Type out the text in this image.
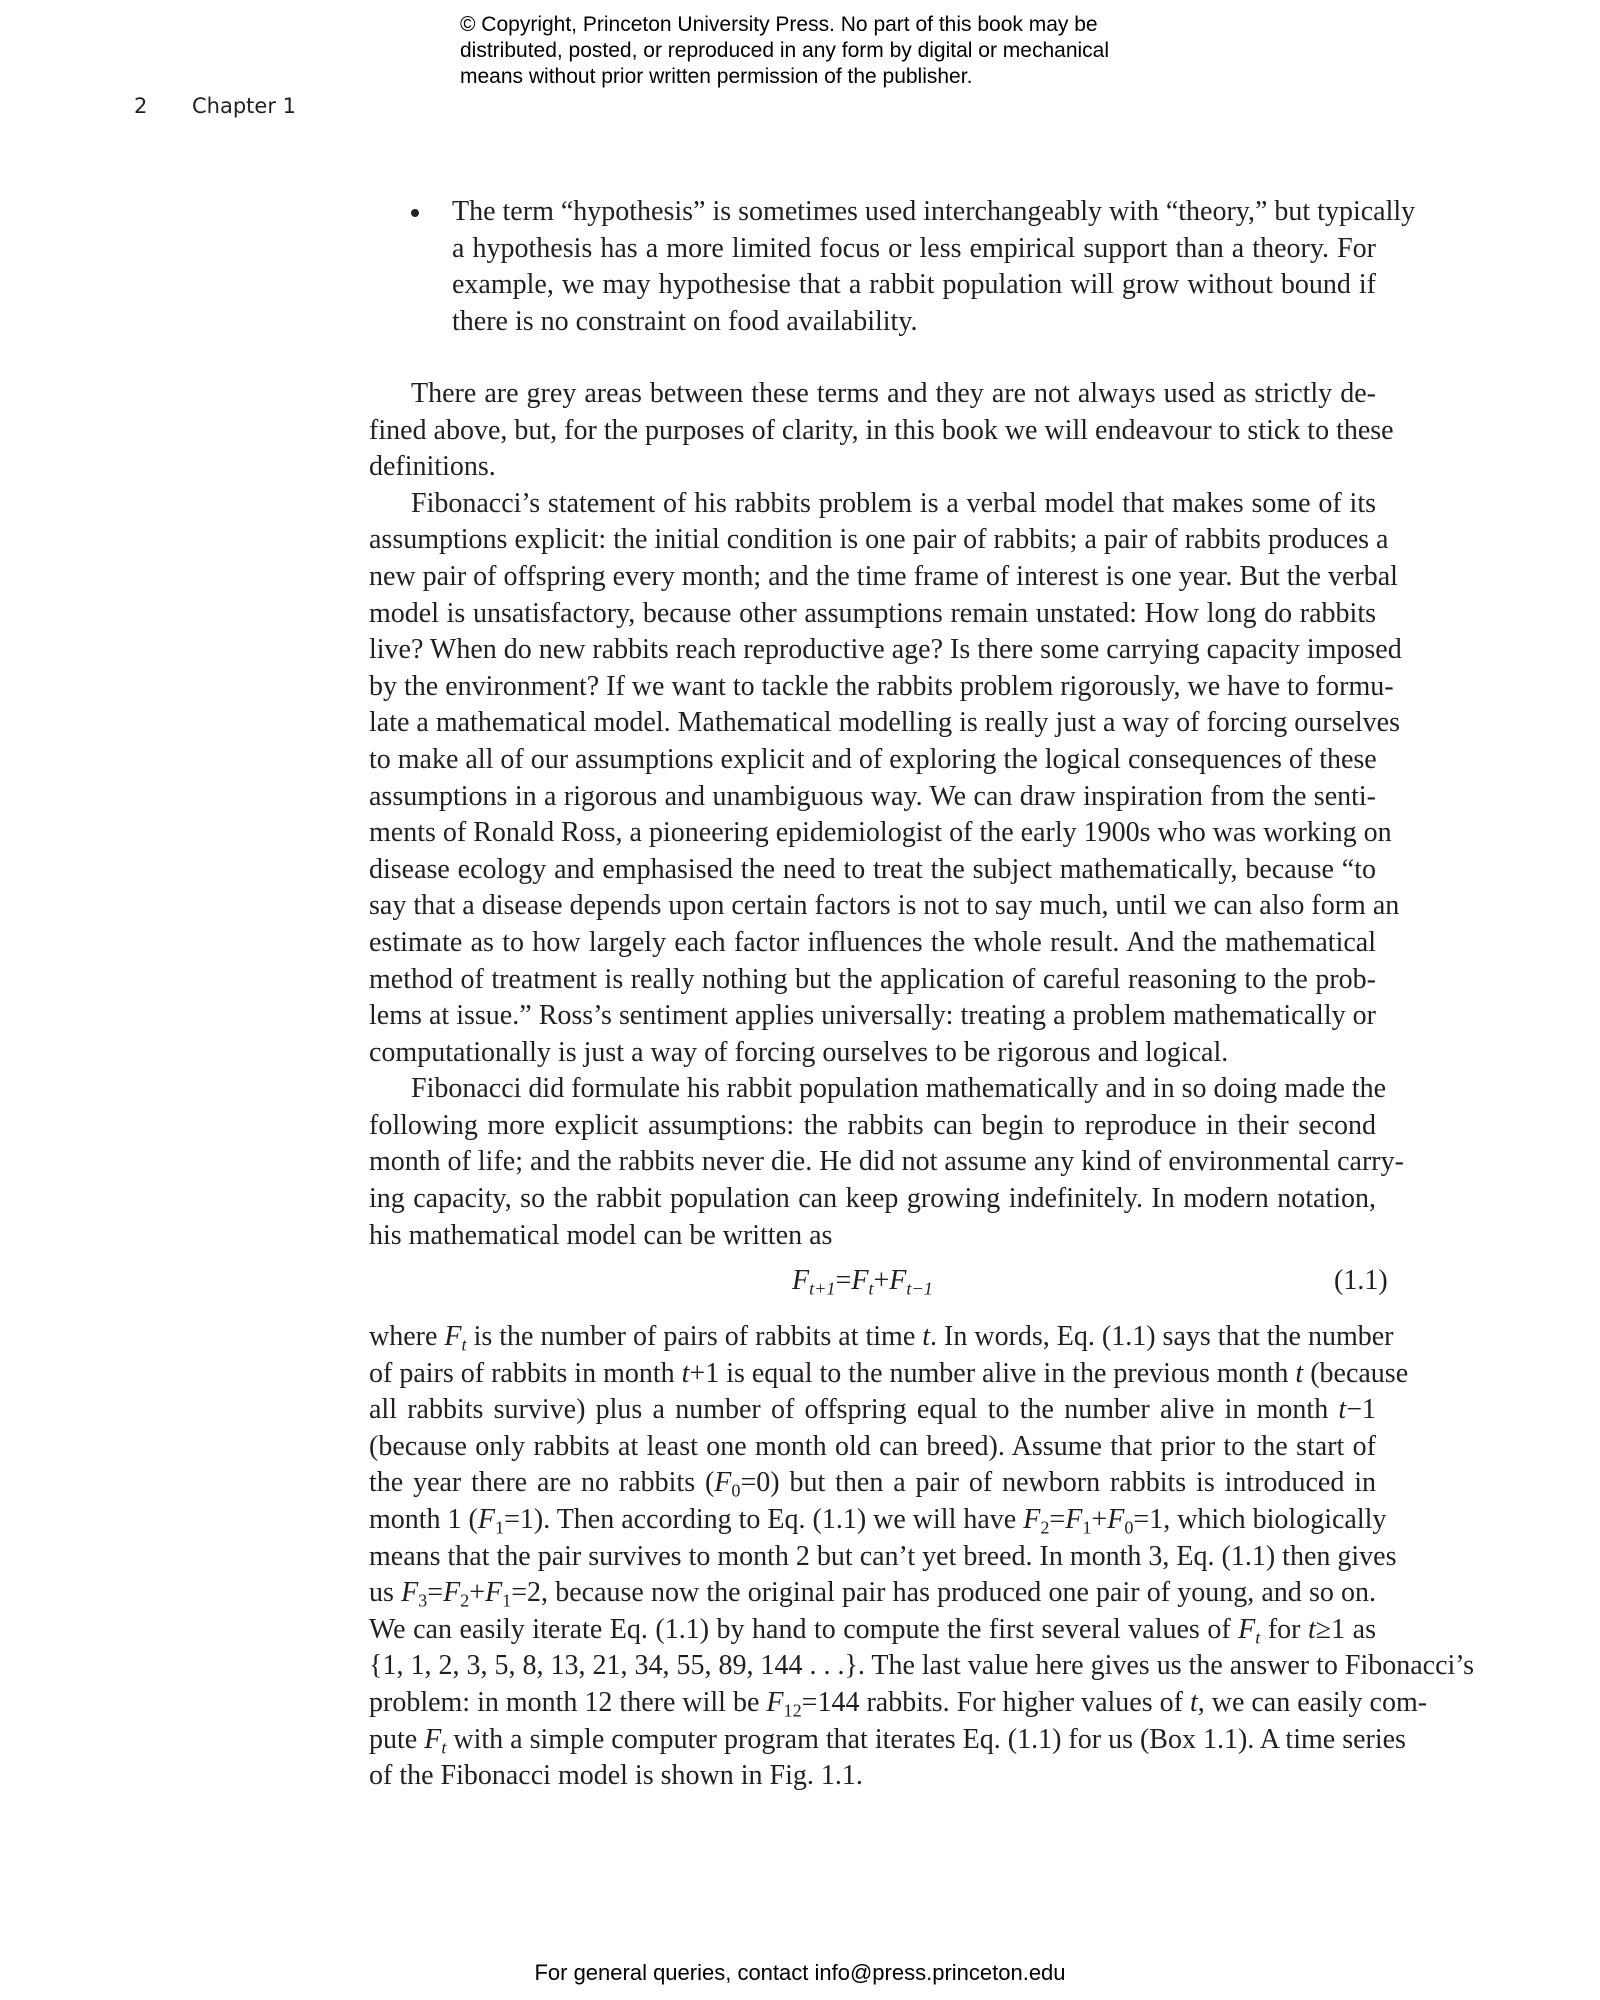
© Copyright, Princeton University Press. No part of this book may be
distributed, posted, or reproduced in any form by digital or mechanical
means without prior written permission of the publisher.
2 Chapter 1
The term “hypothesis” is sometimes used interchangeably with “theory,” but typically
a hypothesis has a more limited focus or less empirical support than a theory. For
example, we may hypothesise that a rabbit population will grow without bound if
there is no constraint on food availability.
There are grey areas between these terms and they are not always used as strictly de-
fined above, but, for the purposes of clarity, in this book we will endeavour to stick to these
definitions.
Fibonacci’s statement of his rabbits problem is a verbal model that makes some of its
assumptions explicit: the initial condition is one pair of rabbits; a pair of rabbits produces a
new pair of offspring every month; and the time frame of interest is one year. But the verbal
model is unsatisfactory, because other assumptions remain unstated: How long do rabbits
live? When do new rabbits reach reproductive age? Is there some carrying capacity imposed
by the environment? If we want to tackle the rabbits problem rigorously, we have to formu-
late a mathematical model. Mathematical modelling is really just a way of forcing ourselves
to make all of our assumptions explicit and of exploring the logical consequences of these
assumptions in a rigorous and unambiguous way. We can draw inspiration from the senti-
ments of Ronald Ross, a pioneering epidemiologist of the early 1900s who was working on
disease ecology and emphasised the need to treat the subject mathematically, because “to
say that a disease depends upon certain factors is not to say much, until we can also form an
estimate as to how largely each factor influences the whole result. And the mathematical
method of treatment is really nothing but the application of careful reasoning to the prob-
lems at issue.” Ross’s sentiment applies universally: treating a problem mathematically or
computationally is just a way of forcing ourselves to be rigorous and logical.
Fibonacci did formulate his rabbit population mathematically and in so doing made the
following more explicit assumptions: the rabbits can begin to reproduce in their second
month of life; and the rabbits never die. He did not assume any kind of environmental carry-
ing capacity, so the rabbit population can keep growing indefinitely. In modern notation,
his mathematical model can be written as
$F_{t+1}=F_t+F_{t-1}$	(1.1)
where $F_t$ is the number of pairs of rabbits at time t. In words, Eq. (1.1) says that the number
of pairs of rabbits in month t+1 is equal to the number alive in the previous month t (because
all rabbits survive) plus a number of offspring equal to the number alive in month t−1
(because only rabbits at least one month old can breed). Assume that prior to the start of
the year there are no rabbits $(F_0=0)$ but then a pair of newborn rabbits is introduced in
month 1 $(F_1=1)$. Then according to Eq. (1.1) we will have $F_2=F_1+F_0=1$, which biologically
means that the pair survives to month 2 but can’t yet breed. In month 3, Eq. (1.1) then gives
us $F_3=F_2+F_1=2$, because now the original pair has produced one pair of young, and so on.
We can easily iterate Eq. (1.1) by hand to compute the first several values of $F_t$ for t≥1 as
{1, 1, 2, 3, 5, 8, 13, 21, 34, 55, 89, 144 . . .}. The last value here gives us the answer to Fibonacci’s
problem: in month 12 there will be $F_{12}=144$ rabbits. For higher values of t, we can easily com-
pute $F_t$ with a simple computer program that iterates Eq. (1.1) for us (Box 1.1). A time series
of the Fibonacci model is shown in Fig. 1.1.
For general queries, contact info@press.princeton.edu
